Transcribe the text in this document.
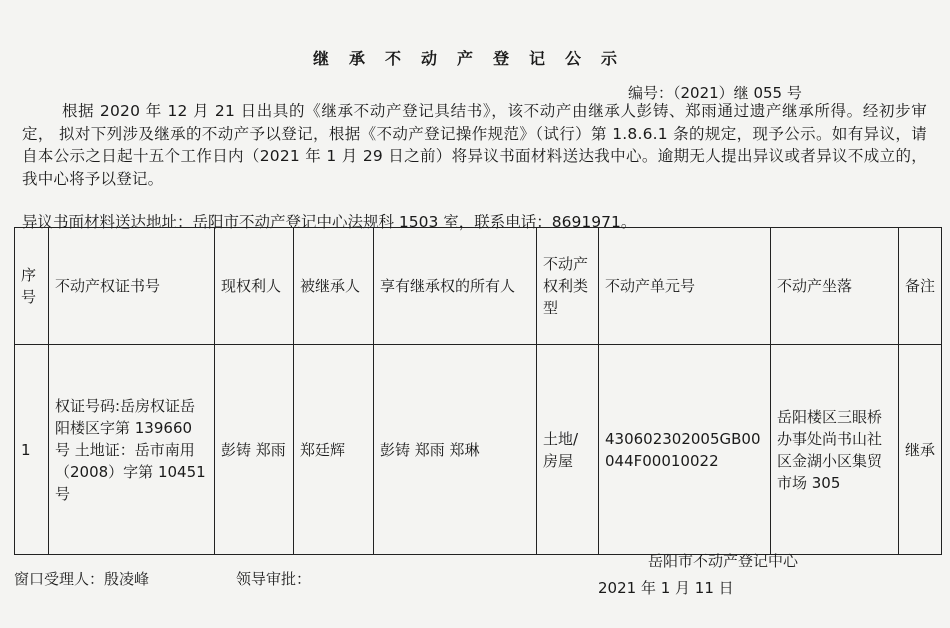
继承不动产登记公示
编号：（2021）继 055 号
根据 2020 年 12 月 21 日出具的《继承不动产登记具结书》，该不动产由继承人彭铸、郑雨通过遗产继承所得。经初步审定， 拟对下列涉及继承的不动产予以登记，根据《不动产登记操作规范》（试行）第 1.8.6.1 条的规定，现予公示。如有异议，请自本公示之日起十五个工作日内（2021 年 1 月 29 日之前）将异议书面材料送达我中心。逾期无人提出异议或者异议不成立的，我中心将予以登记。
异议书面材料送达地址：岳阳市不动产登记中心法规科 1503 室，联系电话：8691971。
序号	不动产权证书号	现权利人	被继承人	享有继承权的所有人	不动产权利类型	不动产单元号	不动产坐落	备注
1	权证号码:岳房权证岳阳楼区字第 139660 号 土地证：岳市南用（2008）字第 10451 号	彭铸 郑雨	郑廷辉	彭铸 郑雨 郑琳	土地/房屋	430602302005GB00044F00010022	岳阳楼区三眼桥办事处尚书山社区金湖小区集贸市场 305	继承
窗口受理人：殷凌峰	领导审批：
岳阳市不动产登记中心
2021 年 1 月 11 日
